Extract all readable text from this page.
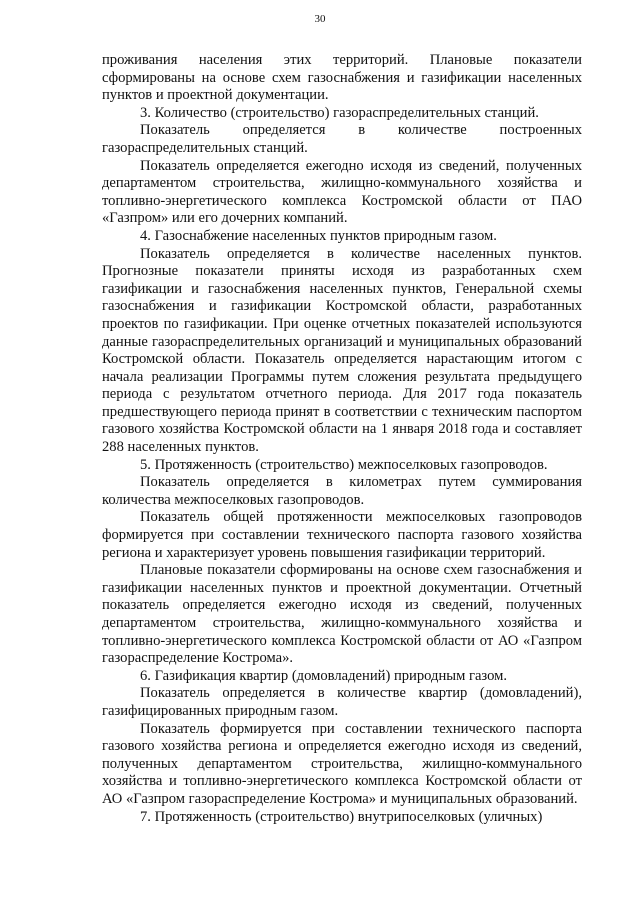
30

проживания населения этих территорий. Плановые показатели сформированы на основе схем газоснабжения и газификации населенных пунктов и проектной документации.

3. Количество (строительство) газораспределительных станций.

Показатель определяется в количестве построенных газораспределительных станций.

Показатель определяется ежегодно исходя из сведений, полученных департаментом строительства, жилищно-коммунального хозяйства и топливно-энергетического комплекса Костромской области от ПАО «Газпром» или его дочерних компаний.

4. Газоснабжение населенных пунктов природным газом.

Показатель определяется в количестве населенных пунктов. Прогнозные показатели приняты исходя из разработанных схем газификации и газоснабжения населенных пунктов, Генеральной схемы газоснабжения и газификации Костромской области, разработанных проектов по газификации. При оценке отчетных показателей используются данные газораспределительных организаций и муниципальных образований Костромской области. Показатель определяется нарастающим итогом с начала реализации Программы путем сложения результата предыдущего периода с результатом отчетного периода. Для 2017 года показатель предшествующего периода принят в соответствии с техническим паспортом газового хозяйства Костромской области на 1 января 2018 года и составляет 288 населенных пунктов.

5. Протяженность (строительство) межпоселковых газопроводов.

Показатель определяется в километрах путем суммирования количества межпоселковых газопроводов.

Показатель общей протяженности межпоселковых газопроводов формируется при составлении технического паспорта газового хозяйства региона и характеризует уровень повышения газификации территорий.

Плановые показатели сформированы на основе схем газоснабжения и газификации населенных пунктов и проектной документации. Отчетный показатель определяется ежегодно исходя из сведений, полученных департаментом строительства, жилищно-коммунального хозяйства и топливно-энергетического комплекса Костромской области от АО «Газпром газораспределение Кострома».

6. Газификация квартир (домовладений) природным газом.

Показатель определяется в количестве квартир (домовладений), газифицированных природным газом.

Показатель формируется при составлении технического паспорта газового хозяйства региона и определяется ежегодно исходя из сведений, полученных департаментом строительства, жилищно-коммунального хозяйства и топливно-энергетического комплекса Костромской области от АО «Газпром газораспределение Кострома» и муниципальных образований.

7. Протяженность (строительство) внутрипоселковых (уличных)
